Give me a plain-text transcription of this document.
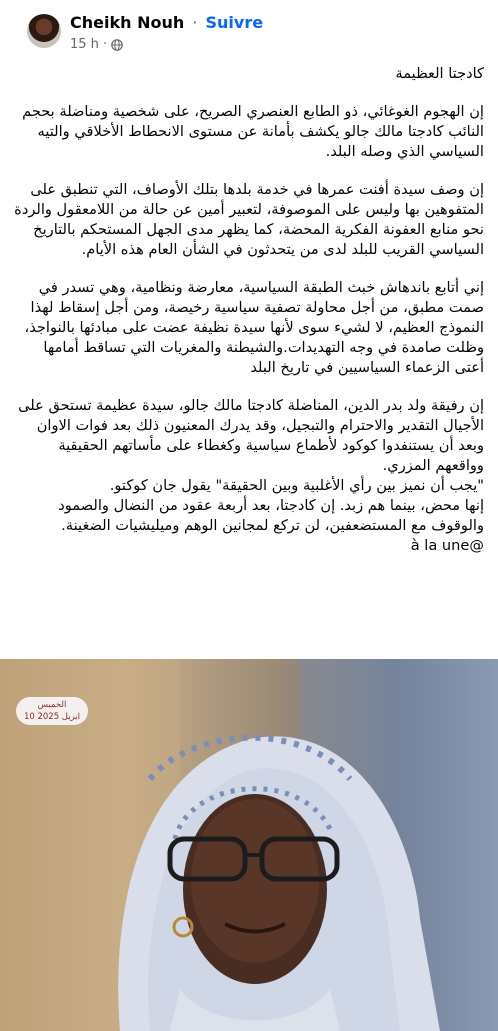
Cheikh Nouh · Suivre
15 h ·

كادجتا العظيمة

إن الهجوم الغوغائي، ذو الطابع العنصري الصريح، على شخصية ومناضلة بحجم النائب كادجتا مالك جالو يكشف بأمانة عن مستوى الانحطاط الأخلاقي والتيه السياسي الذي وصله البلد.

إن وصف سيدة أفنت عمرها في خدمة بلدها بتلك الأوصاف، التي تنطبق على المتفوهين بها وليس على الموصوفة، لتعبير أمين عن حالة من اللامعقول والردة نحو منابع العفونة الفكرية المحضة، كما يظهر مدى الجهل المستحكم بالتاريخ السياسي القريب للبلد لدى من يتحدثون في الشأن العام هذه الأيام.

إني أتابع باندهاش خبث الطبقة السياسية، معارضة ونظامية، وهي تسدر في صمت مطبق، من أجل محاولة تصفية سياسية رخيصة، ومن أجل إسقاط لهذا النموذج العظيم، لا لشيء سوى لأنها سيدة نظيفة عضت على مبادئها بالنواجذ، وظلت صامدة في وجه التهديدات.والشيطنة والمغريات التي تساقط أمامها أعتى الزعماء السياسيين في تاريخ البلد

إن رفيقة ولد بدر الدين، المناضلة كادجتا مالك جالو، سيدة عظيمة تستحق على الأجيال التقدير والاحترام والتبجيل، وقد يدرك المعنيون ذلك بعد فوات الاوان وبعد أن يستنفدوا كوكود لأطماع سياسية وكغطاء على مأساتهم الحقيقية وواقعهم المزري.
"يجب أن نميز بين رأي الأغلبية وبين الحقيقة" يقول جان كوكتو.
إنها محض، بينما هم زبد. إن كادجتا، بعد أربعة عقود من النضال والصمود والوقوف مع المستضعفين، لن تركع لمجانين الوهم وميليشيات الضغينة.

@à la une

الخميس
10 ابريل 2025
